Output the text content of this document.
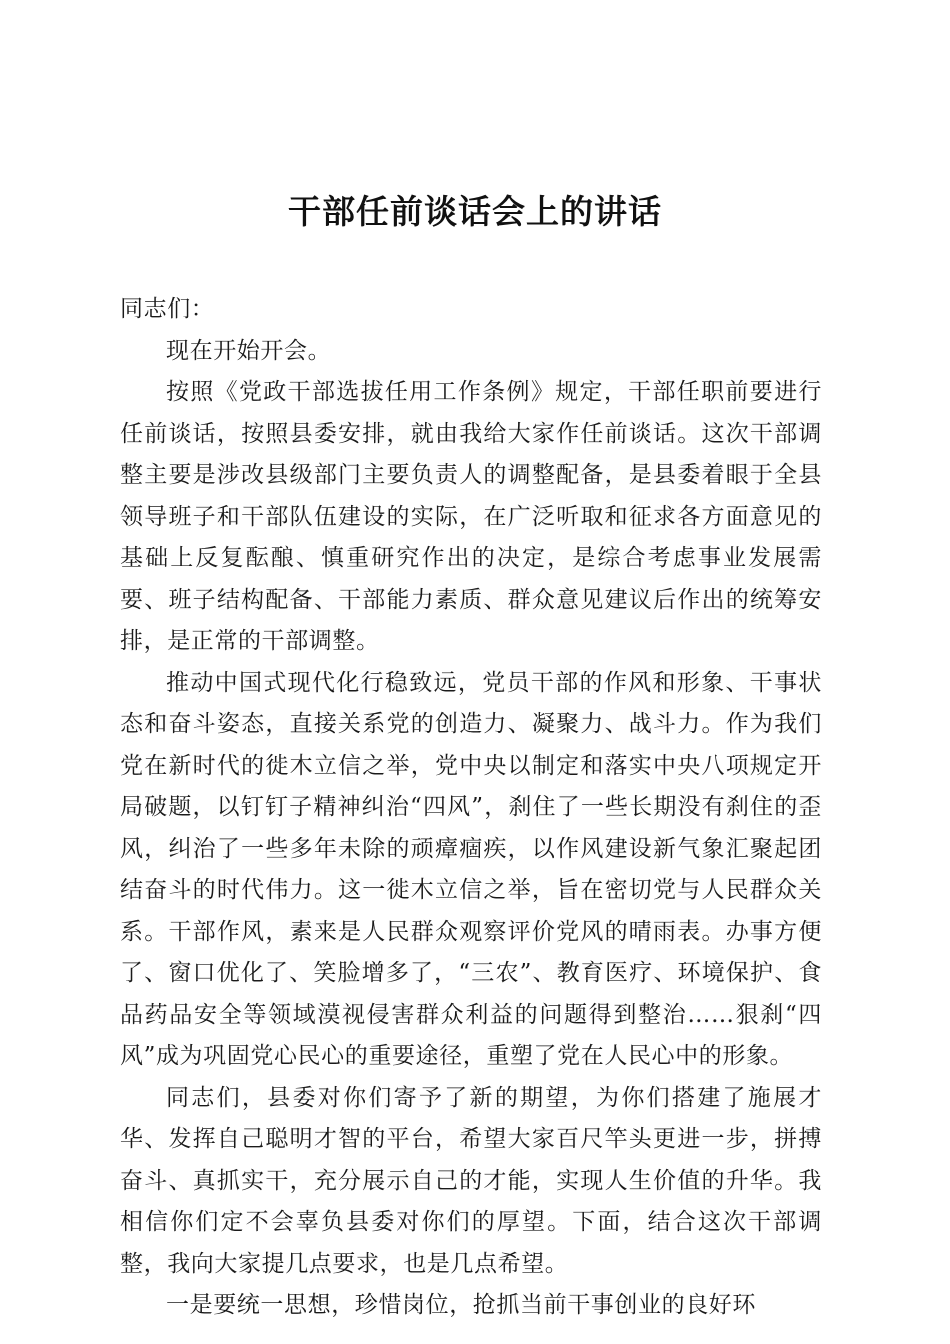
干部任前谈话会上的讲话

同志们：

现在开始开会。

按照《党政干部选拔任用工作条例》规定，干部任职前要进行任前谈话，按照县委安排，就由我给大家作任前谈话。这次干部调整主要是涉改县级部门主要负责人的调整配备，是县委着眼于全县领导班子和干部队伍建设的实际，在广泛听取和征求各方面意见的基础上反复酝酿、慎重研究作出的决定，是综合考虑事业发展需要、班子结构配备、干部能力素质、群众意见建议后作出的统筹安排，是正常的干部调整。

推动中国式现代化行稳致远，党员干部的作风和形象、干事状态和奋斗姿态，直接关系党的创造力、凝聚力、战斗力。作为我们党在新时代的徙木立信之举，党中央以制定和落实中央八项规定开局破题，以钉钉子精神纠治“四风”，刹住了一些长期没有刹住的歪风，纠治了一些多年未除的顽瘴痼疾，以作风建设新气象汇聚起团结奋斗的时代伟力。这一徙木立信之举，旨在密切党与人民群众关系。干部作风，素来是人民群众观察评价党风的晴雨表。办事方便了、窗口优化了、笑脸增多了，“三农”、教育医疗、环境保护、食品药品安全等领域漠视侵害群众利益的问题得到整治……狠刹“四风”成为巩固党心民心的重要途径，重塑了党在人民心中的形象。

同志们，县委对你们寄予了新的期望，为你们搭建了施展才华、发挥自己聪明才智的平台，希望大家百尺竿头更进一步，拼搏奋斗、真抓实干，充分展示自己的才能，实现人生价值的升华。我相信你们定不会辜负县委对你们的厚望。下面，结合这次干部调整，我向大家提几点要求，也是几点希望。

一是要统一思想，珍惜岗位，抢抓当前干事创业的良好环
